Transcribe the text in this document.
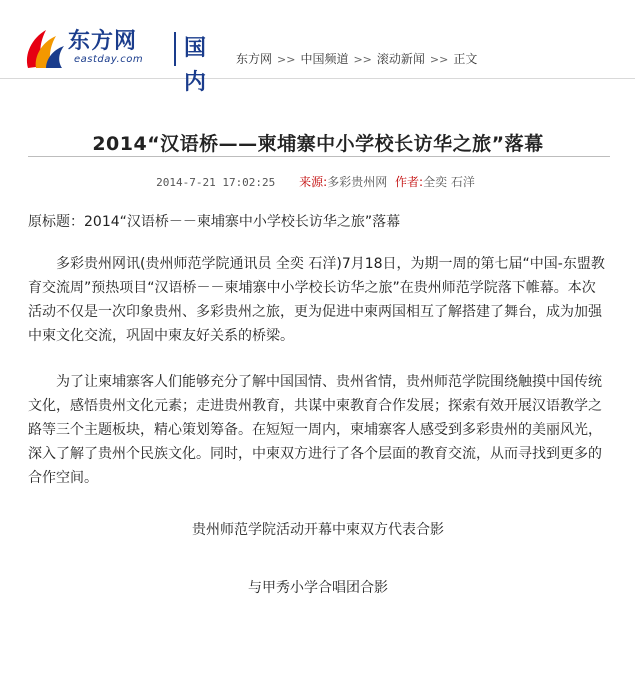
东方网
eastday.com 国内
东方网 >> 中国频道 >> 滚动新闻 >> 正文
2014“汉语桥——柬埔寨中小学校长访华之旅”落幕
2014-7-21 17:02:25 来源:多彩贵州网 作者:全奕 石洋

原标题：2014“汉语桥－－柬埔寨中小学校长访华之旅”落幕

多彩贵州网讯(贵州师范学院通讯员 全奕 石洋)7月18日，为期一周的第七届“中国-东盟教育交流周”预热项目“汉语桥－－柬埔寨中小学校长访华之旅”在贵州师范学院落下帷幕。本次活动不仅是一次印象贵州、多彩贵州之旅，更为促进中柬两国相互了解搭建了舞台，成为加强中柬文化交流，巩固中柬友好关系的桥梁。

为了让柬埔寨客人们能够充分了解中国国情、贵州省情，贵州师范学院围绕触摸中国传统文化，感悟贵州文化元素；走进贵州教育，共谋中柬教育合作发展；探索有效开展汉语教学之路等三个主题板块，精心策划筹备。在短短一周内，柬埔寨客人感受到多彩贵州的美丽风光，深入了解了贵州个民族文化。同时，中柬双方进行了各个层面的教育交流，从而寻找到更多的合作空间。

贵州师范学院活动开幕中柬双方代表合影

与甲秀小学合唱团合影
